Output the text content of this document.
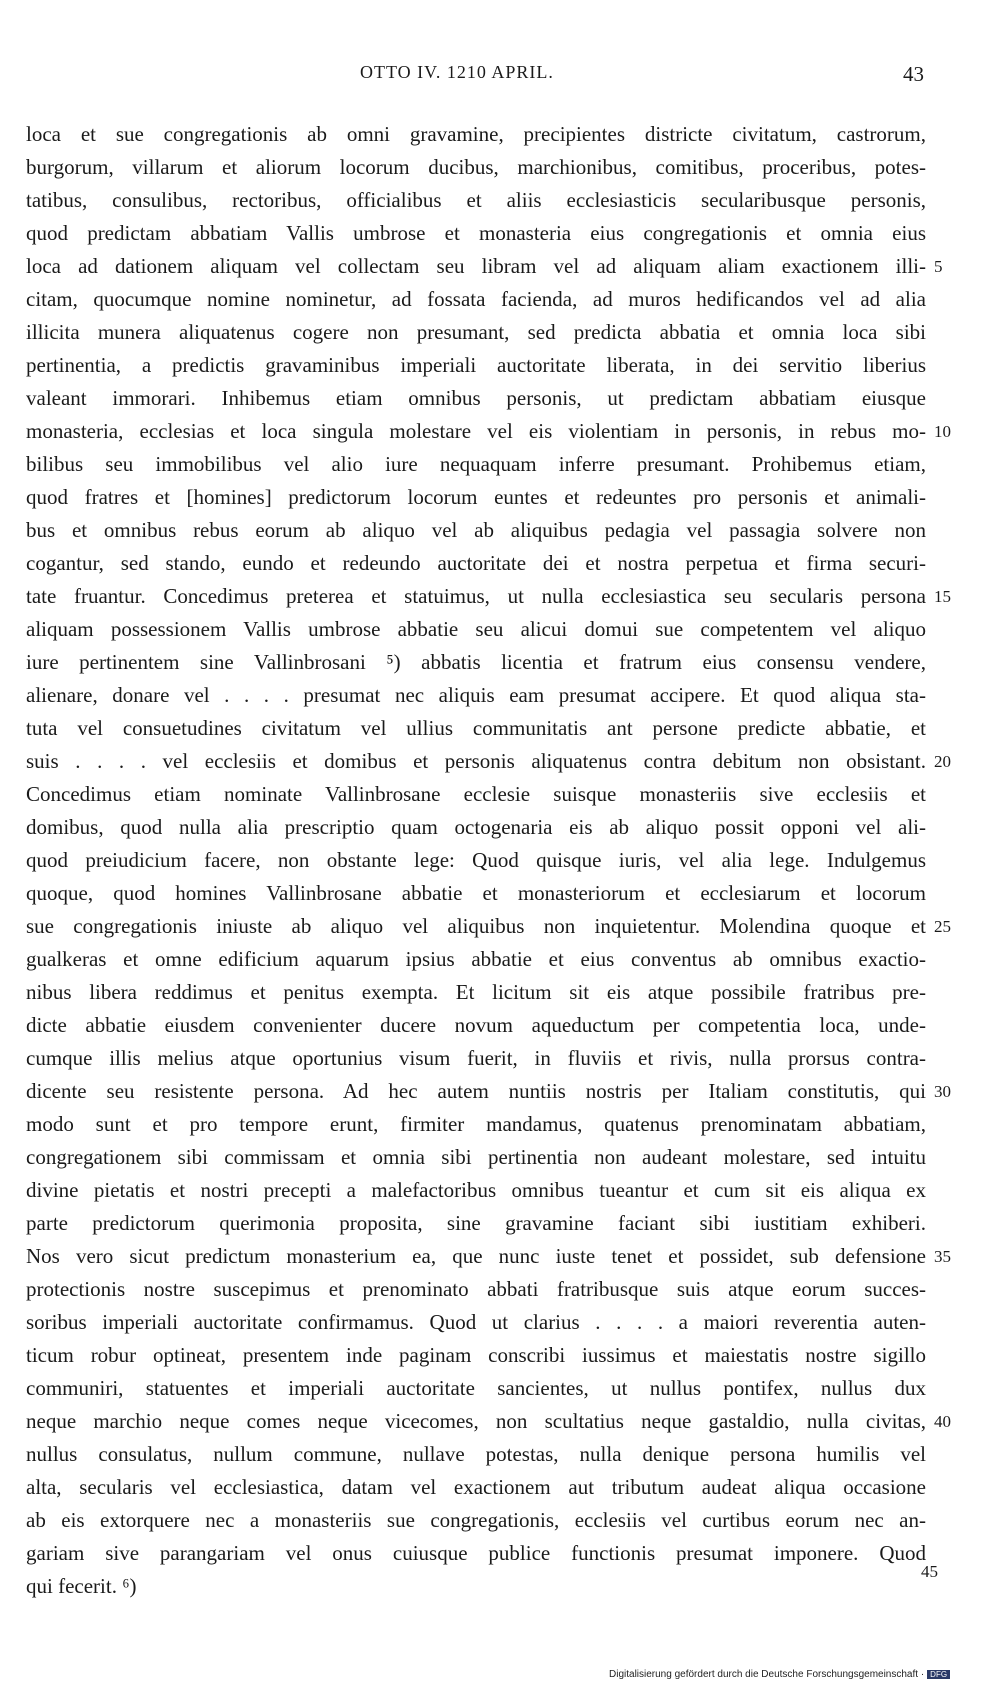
OTTO IV. 1210 APRIL.	43
loca et sue congregationis ab omni gravamine, precipientes districte civitatum, castrorum,
burgorum, villarum et aliorum locorum ducibus, marchionibus, comitibus, proceribus, potes-
tatibus, consulibus, rectoribus, officialibus et aliis ecclesiasticis secularibusque personis,
quod predictam abbatiam Vallis umbrose et monasteria eius congregationis et omnia eius
loca ad dationem aliquam vel collectam seu libram vel ad aliquam aliam exactionem illi- 5
citam, quocumque nomine nominetur, ad fossata facienda, ad muros hedificandos vel ad alia
illicita munera aliquatenus cogere non presumant, sed predicta abbatia et omnia loca sibi
pertinentia, a predictis gravaminibus imperiali auctoritate liberata, in dei servitio liberius
valeant immorari. Inhibemus etiam omnibus personis, ut predictam abbatiam eiusque
monasteria, ecclesias et loca singula molestare vel eis violentiam in personis, in rebus mo- 10
bilibus seu immobilibus vel alio iure nequaquam inferre presumant. Prohibemus etiam,
quod fratres et [homines] predictorum locorum euntes et redeuntes pro personis et animali-
bus et omnibus rebus eorum ab aliquo vel ab aliquibus pedagia vel passagia solvere non
cogantur, sed stando, eundo et redeundo auctoritate dei et nostra perpetua et firma securi-
tate fruantur. Concedimus preterea et statuimus, ut nulla ecclesiastica seu secularis persona 15
aliquam possessionem Vallis umbrose abbatie seu alicui domui sue competentem vel aliquo
iure pertinentem sine Vallinbrosani ⁵) abbatis licentia et fratrum eius consensu vendere,
alienare, donare vel . . . . presumat nec aliquis eam presumat accipere. Et quod aliqua sta-
tuta vel consuetudines civitatum vel ullius communitatis ant persone predicte abbatie, et
suis . . . . vel ecclesiis et domibus et personis aliquatenus contra debitum non obsistant. 20
Concedimus etiam nominate Vallinbrosane ecclesie suisque monasteriis sive ecclesiis et
domibus, quod nulla alia prescriptio quam octogenaria eis ab aliquo possit opponi vel ali-
quod preiudicium facere, non obstante lege: Quod quisque iuris, vel alia lege. Indulgemus
quoque, quod homines Vallinbrosane abbatie et monasteriorum et ecclesiarum et locorum
sue congregationis iniuste ab aliquo vel aliquibus non inquietentur. Molendina quoque et 25
gualkeras et omne edificium aquarum ipsius abbatie et eius conventus ab omnibus exactio-
nibus libera reddimus et penitus exempta. Et licitum sit eis atque possibile fratribus pre-
dicte abbatie eiusdem convenienter ducere novum aqueductum per competentia loca, unde-
cumque illis melius atque oportunius visum fuerit, in fluviis et rivis, nulla prorsus contra-
dicente seu resistente persona. Ad hec autem nuntiis nostris per Italiam constitutis, qui 30
modo sunt et pro tempore erunt, firmiter mandamus, quatenus prenominatam abbatiam,
congregationem sibi commissam et omnia sibi pertinentia non audeant molestare, sed intuitu
divine pietatis et nostri precepti a malefactoribus omnibus tueantur et cum sit eis aliqua ex
parte predictorum querimonia proposita, sine gravamine faciant sibi iustitiam exhiberi.
Nos vero sicut predictum monasterium ea, que nunc iuste tenet et possidet, sub defensione 35
protectionis nostre suscepimus et prenominato abbati fratribusque suis atque eorum succes-
soribus imperiali auctoritate confirmamus. Quod ut clarius . . . . a maiori reverentia auten-
ticum robur optineat, presentem inde paginam conscribi iussimus et maiestatis nostre sigillo
communiri, statuentes et imperiali auctoritate sancientes, ut nullus pontifex, nullus dux
neque marchio neque comes neque vicecomes, non scultatius neque gastaldio, nulla civitas, 40
nullus consulatus, nullum commune, nullave potestas, nulla denique persona humilis vel
alta, secularis vel ecclesiastica, datam vel exactionem aut tributum audeat aliqua occasione
ab eis extorquere nec a monasteriis sue congregationis, ecclesiis vel curtibus eorum nec an-
gariam sive parangariam vel onus cuiusque publice functionis presumat imponere. Quod
qui fecerit. ⁶)
45
Digitalisierung gefördert durch die Deutsche Forschungsgemeinschaft · DFG
